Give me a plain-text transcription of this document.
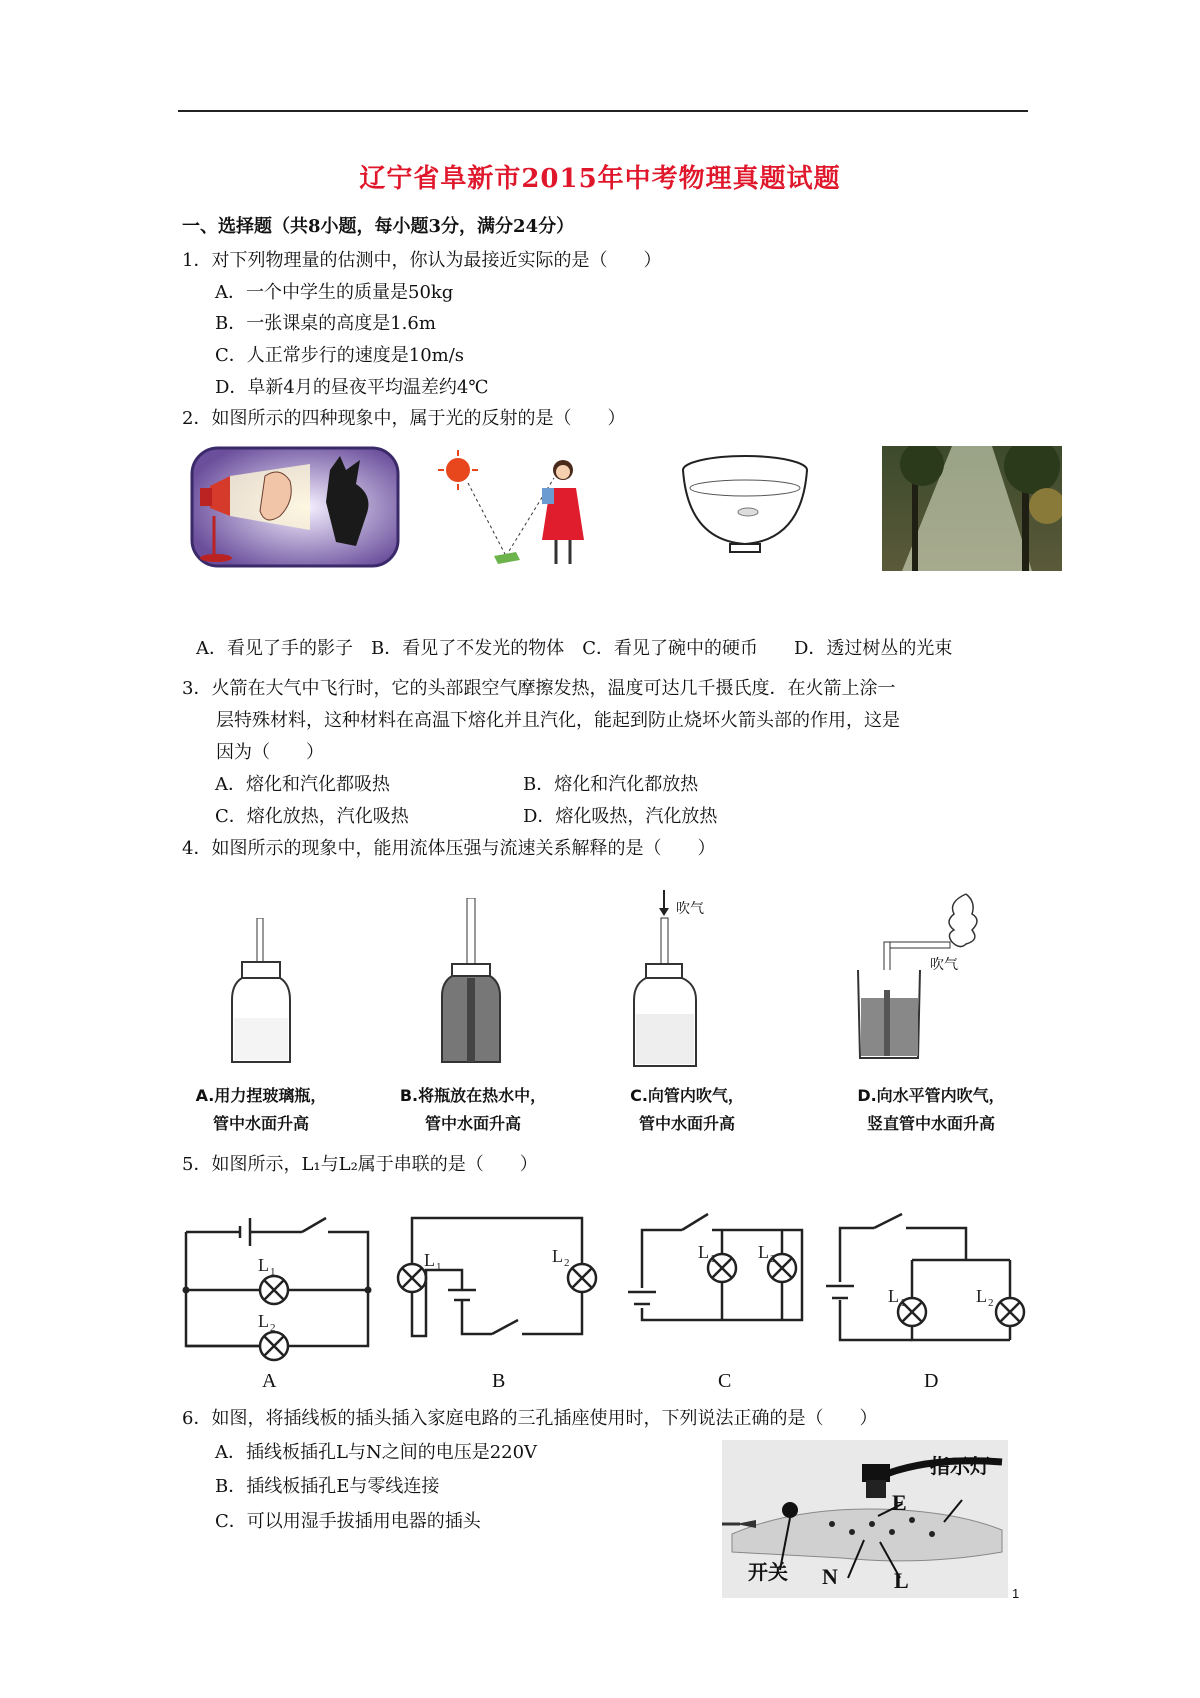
辽宁省阜新市2015年中考物理真题试题
一、选择题（共8小题，每小题3分，满分24分）
1．对下列物理量的估测中，你认为最接近实际的是（　　）
A．一个中学生的质量是50kg
B．一张课桌的高度是1.6m
C．人正常步行的速度是10m/s
D．阜新4月的昼夜平均温差约4℃
2．如图所示的四种现象中，属于光的反射的是（　　）
A．看见了手的影子　B．看见了不发光的物体　C．看见了碗中的硬币　　D．透过树丛的光束
3．火箭在大气中飞行时，它的头部跟空气摩擦发热，温度可达几千摄氏度．在火箭上涂一
层特殊材料，这种材料在高温下熔化并且汽化，能起到防止烧坏火箭头部的作用，这是
因为（　　）
A．熔化和汽化都吸热	B．熔化和汽化都放热
C．熔化放热，汽化吸热	D．熔化吸热，汽化放热
4．如图所示的现象中，能用流体压强与流速关系解释的是（　　）
吹气
吹气
A.用力捏玻璃瓶，
管中水面升高
B.将瓶放在热水中，
管中水面升高
C.向管内吹气，
管中水面升高
D.向水平管内吹气，
竖直管中水面升高
5．如图所示，L₁与L₂属于串联的是（　　）
L 1
L 2
L 1
L 2
L 1 L 2
L 1	L 2
A	B	C	D
6．如图，将插线板的插头插入家庭电路的三孔插座使用时，下列说法正确的是（　　）
A．插线板插孔L与N之间的电压是220V
B．插线板插孔E与零线连接
C．可以用湿手拔插用电器的插头
指示灯
E
开关 N	L
1
